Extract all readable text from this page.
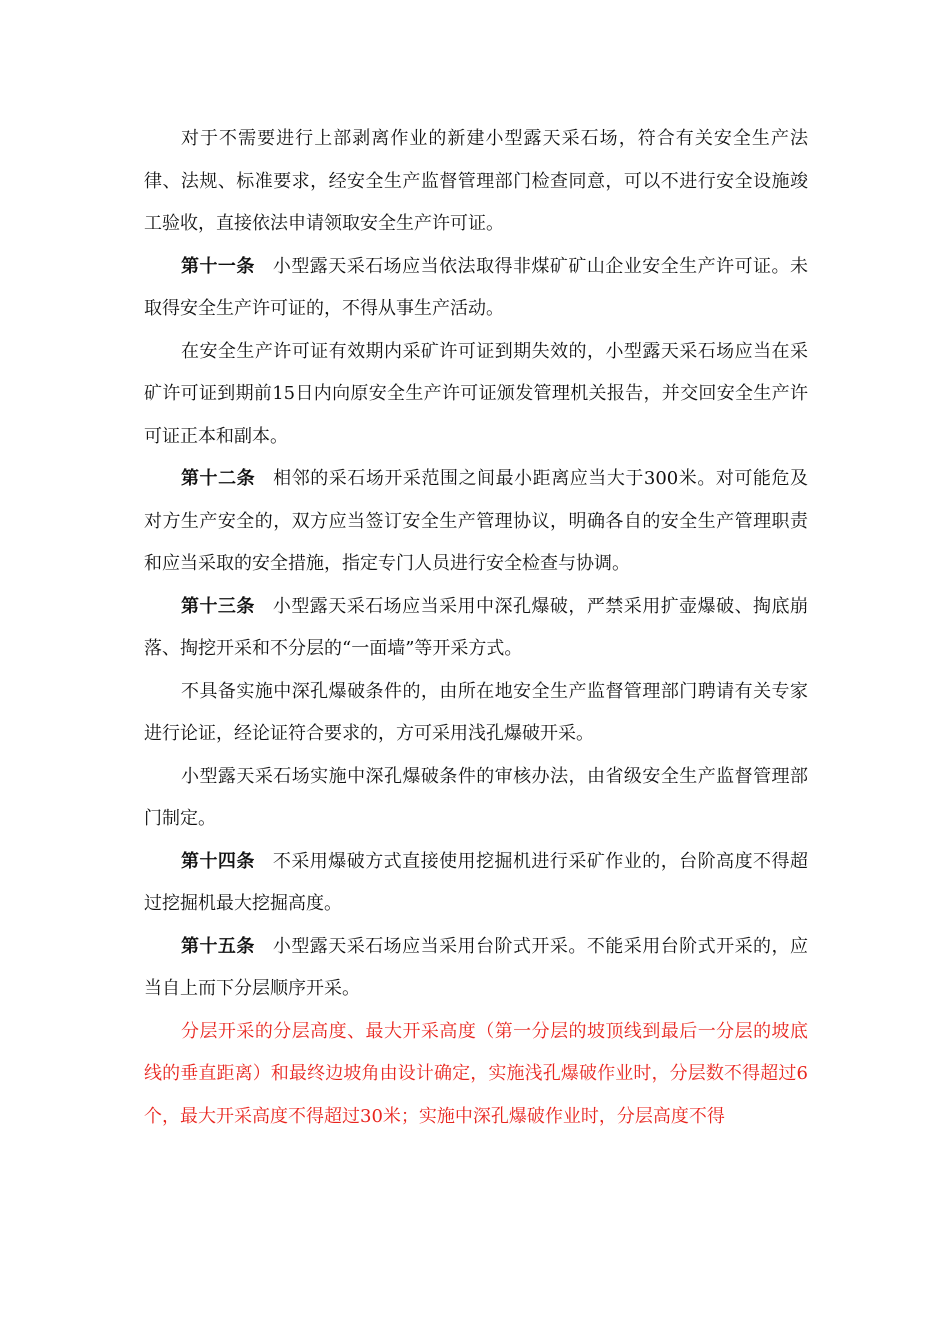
对于不需要进行上部剥离作业的新建小型露天采石场，符合有关安全生产法律、法规、标准要求，经安全生产监督管理部门检查同意，可以不进行安全设施竣工验收，直接依法申请领取安全生产许可证。

第十一条 小型露天采石场应当依法取得非煤矿矿山企业安全生产许可证。未取得安全生产许可证的，不得从事生产活动。

在安全生产许可证有效期内采矿许可证到期失效的，小型露天采石场应当在采矿许可证到期前15日内向原安全生产许可证颁发管理机关报告，并交回安全生产许可证正本和副本。

第十二条 相邻的采石场开采范围之间最小距离应当大于300米。对可能危及对方生产安全的，双方应当签订安全生产管理协议，明确各自的安全生产管理职责和应当采取的安全措施，指定专门人员进行安全检查与协调。

第十三条 小型露天采石场应当采用中深孔爆破，严禁采用扩壶爆破、掏底崩落、掏挖开采和不分层的“一面墙”等开采方式。

不具备实施中深孔爆破条件的，由所在地安全生产监督管理部门聘请有关专家进行论证，经论证符合要求的，方可采用浅孔爆破开采。

小型露天采石场实施中深孔爆破条件的审核办法，由省级安全生产监督管理部门制定。

第十四条 不采用爆破方式直接使用挖掘机进行采矿作业的，台阶高度不得超过挖掘机最大挖掘高度。

第十五条 小型露天采石场应当采用台阶式开采。不能采用台阶式开采的，应当自上而下分层顺序开采。

分层开采的分层高度、最大开采高度（第一分层的坡顶线到最后一分层的坡底线的垂直距离）和最终边坡角由设计确定，实施浅孔爆破作业时，分层数不得超过6个，最大开采高度不得超过30米；实施中深孔爆破作业时，分层高度不得
